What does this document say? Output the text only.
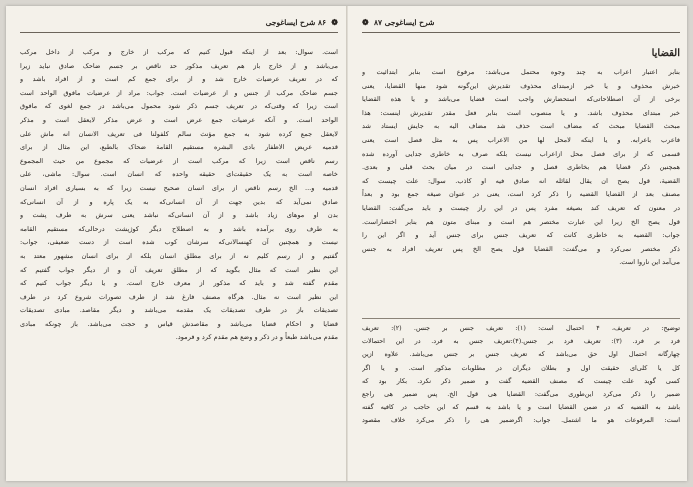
❁
۸۶ شرح ایساغوجی
است. سوال: بعد از اینکه قبول کنیم که مرکب از خارج و مرکب از داخل مرکب
می‌باشد و از خارج باز هم تعریف مذکور حد ناقص بر جسم ضاحک صادق نباید زیرا
که در تعریف عرضیات خارج شد و از برای جمع کم است و از افراد باشد و
جسم ضاحک مرکب از جنس و از عرضیات است. جواب: مراد از عرضیات مافوق الواحد است
است زیرا که وقتی‌که در تعریف جسم ذکر شود محمول می‌باشد در جمع لغوی که مافوق
الواحد است. و آنکه عرضیات جمع عرض است و عرض مذکر لایعقل است و مذکر
لایعقل جمع کرده شود به جمع مؤنث سالم کلفولنا فی تعریف الانسان انه ماش علی
قدمیه عریض الاظفار بادی البشره مستقیم القامة ضحاک بالطبع، این مثال از برای
رسم ناقص است زیرا که مرکب است از عرضیات که مجموع من حیث المجموع
خاصه است به یک حقیقت‌ای حقیقه واحده که انسان است. سوال: ماشی، علی
قدمیه و... الخ رسم ناقص از برای انسان صحیح نیست زیرا که به بسیاری افراد انسان
صادق نمی‌آید که بدین جهت از آن انسانی‌که به یک پاره و از آن انسانی‌که
بدن او موهای زیاد باشد و از آن انسانی‌که نباشد یعنی سرش به طرف پشت و
به طرف روی برآمده باشد و به اصطلاح دیگر کوژپشت درحالی‌که مستقیم القامه
نیست و همچنین آن کهنسالانی‌که سرشان کوب شده است از دست ضعیفی، جواب:
گفتیم و از رسم کلیم نه از برای مطلق انسان بلکه از برای انسان مشهور معتد به
این نظیر است که مثال بگوید که از مطلق تعریف آن و از دیگر جواب گفتیم که
مقدم گفته شد و باید که مذکور از معرف خارج است. و یا دیگر جواب کنیم که
این نظیر است نه مثال. هرگاه مصنف فارغ شد از طرف تصورات شروع کرد در طرف
تصدیقات باز در طرف تصدیقات یک مقدمه می‌باشد و دیگر مقاصد. مبادی تصدیقات
قضایا و احکام قضایا می‌باشد و مقاصدش قیاس و حجت می‌باشد. باز چونکه مبادی
مقدم می‌باشد طبعاً و در ذکر و وضع هم مقدم کرد و فرمود.
شرح ایساغوجی ۸۷
❁
القضایا
بنابر اعتبار اعراب به چند وجوه محتمل می‌باشد: مرفوع است بنابر ابتدائیت و
خبرش محذوف و یا خبر ازمبتدای محذوف تقدیرش این‌گونه شود منها القضایا، یعنی
برخی از آن اصطلاحاتی‌که استحضارش واجب است قضایا می‌باشد و یا هذه القضایا
خبر مبتدای محذوف باشد. و یا منصوب است بنابر فعل مقدر تقدیرش اینست: هذا
مبحث القضایا مبحث که مضاف است حذف شد مضاف الیه به جایش ایستاد شد
فاعرب باعرابه. و یا اینکه لامحل لها من الاعراب پس به مثل فصل است یعنی
قسمی که از برای فصل محل ازاعراب نیست بلکه صرف به خاطری جدایی آورده شده
همچنین ذکر قضایا هم بخاطری فصل و جدایی است در میان بحث قبلی و بعدی.
القضیة، قول یصح ان یقال لقائله انه صادق فیه او کاذب. سوال: علت چیست که
مصنف بعد از القضایا القضیه را ذکر کرد است، یعنی در عنوان صیغه جمع بود و بعداً
در معنون که تعریف کند بصیغه مفرد پس در این راز چیست و باید می‌گفت: القضایا
قول یصح الخ زیرا این عبارت مختصر هم است و مبنای متون هم بنابر اختصاراست.
جواب: القضیه به خاطری کانت که تعریف جنس برای جنس آید و اگر این را
ذکر مختصر نمی‌کرد و می‌گفت: القضایا قول یصح الخ پس تعریف افراد به جنس
می‌آمد این ناروا است.
توضیح: در تعریف، ۴ احتمال است: (۱): تعریف جنس بر جنس. (۲): تعریف
فرد بر فرد. (۳): تعریف فرد بر جنس.(۴):تعریف جنس به فرد. در این احتمالات
چهارگانه احتمال اول حق می‌باشد که تعریف جنس بر جنس می‌باشد. علاوه ازین
کل یا کلی‌ای حقیقت اول و بطلان دیگران در مطلوبات مذکور است. و یا اگر
کسی گوید علت چیست که مصنف القضیه گفت و ضمیر ذکر نکرد. بکار بود که
ضمیر را ذکر می‌کرد این‌طوری می‌گفت: القضایا هی قول الخ. پس ضمیر هی راجع
باشد به القضیه که در ضمن القضایا است و یا باشد به قسم که این حاجب در کافیه گفته
است: المرفوعات هو ما اشتمل. جواب: اگرضمیر هی را ذکر می‌کرد خلاف مقصود
